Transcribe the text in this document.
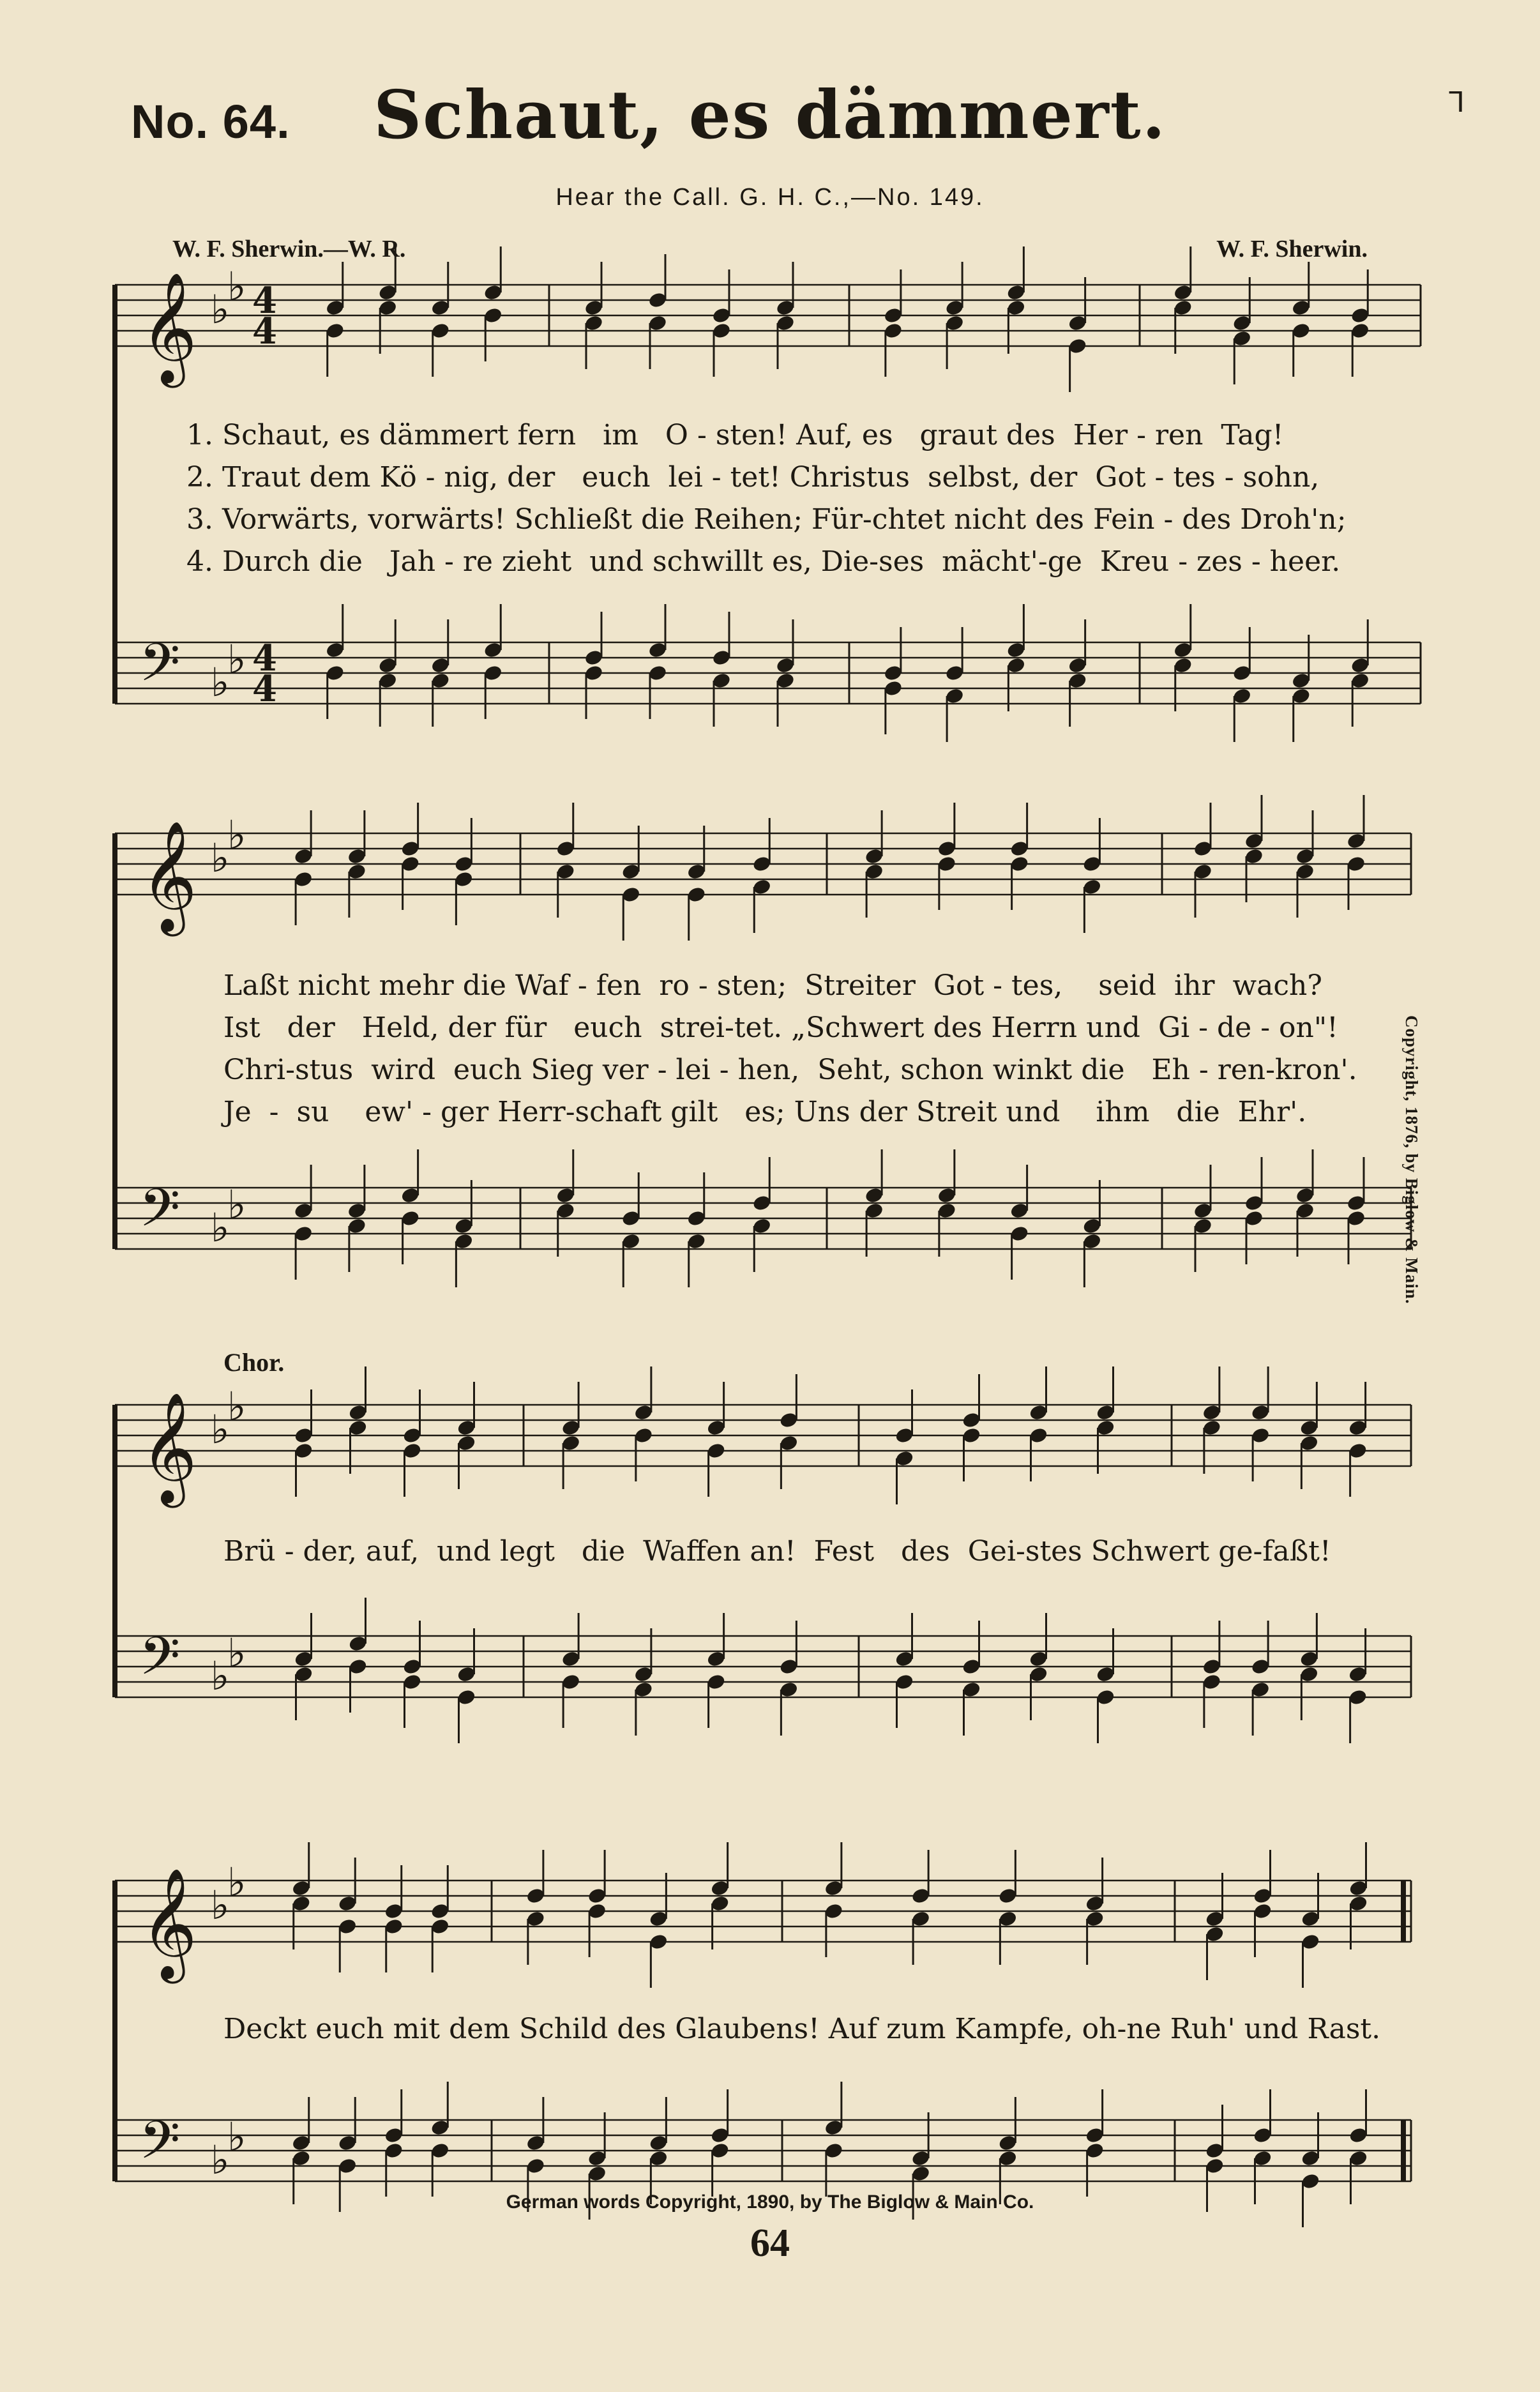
No. 64.	Schaut, es dämmert.	ᒣ
Hear the Call. G. H. C.,—No. 149.
W. F. Sherwin.—W. R.	W. F. Sherwin.
𝄞 ♭
♭ 4
4
𝄢 ♭
♭ 4
4
𝄞 ♭
♭
𝄢 ♭
♭
𝄞 ♭
♭
𝄢 ♭
♭
𝄞 ♭
♭
𝄢 ♭
♭

1. Schaut, es dämmert fern   im   O - sten! Auf, es   graut des  Her - ren  Tag!

2. Traut dem Kö - nig, der   euch  lei - tet! Christus  selbst, der  Got - tes - sohn,

3. Vorwärts, vorwärts! Schließt die Reihen; Für-chtet nicht des Fein - des Droh'n;

4. Durch die   Jah - re zieht  und schwillt es, Die-ses  mächt'-ge  Kreu - zes - heer.

Laßt nicht mehr die Waf - fen  ro - sten;  Streiter  Got - tes,    seid  ihr  wach?

Ist   der   Held, der für   euch  strei-tet. „Schwert des Herrn und  Gi - de - on"!

Chri-stus  wird  euch Sieg ver - lei - hen,  Seht, schon winkt die   Eh - ren-kron'.

Je  -  su    ew' - ger Herr-schaft gilt   es; Uns der Streit und    ihm   die  Ehr'.

Chor.

Brü - der, auf,  und legt   die  Waffen an!  Fest   des  Gei-stes Schwert ge-faßt!

Deckt euch mit dem Schild des Glaubens! Auf zum Kampfe, oh-ne Ruh' und Rast.

Copyright, 1876, by Biglow & Main.
German words Copyright, 1890, by The Biglow & Main Co.
64
